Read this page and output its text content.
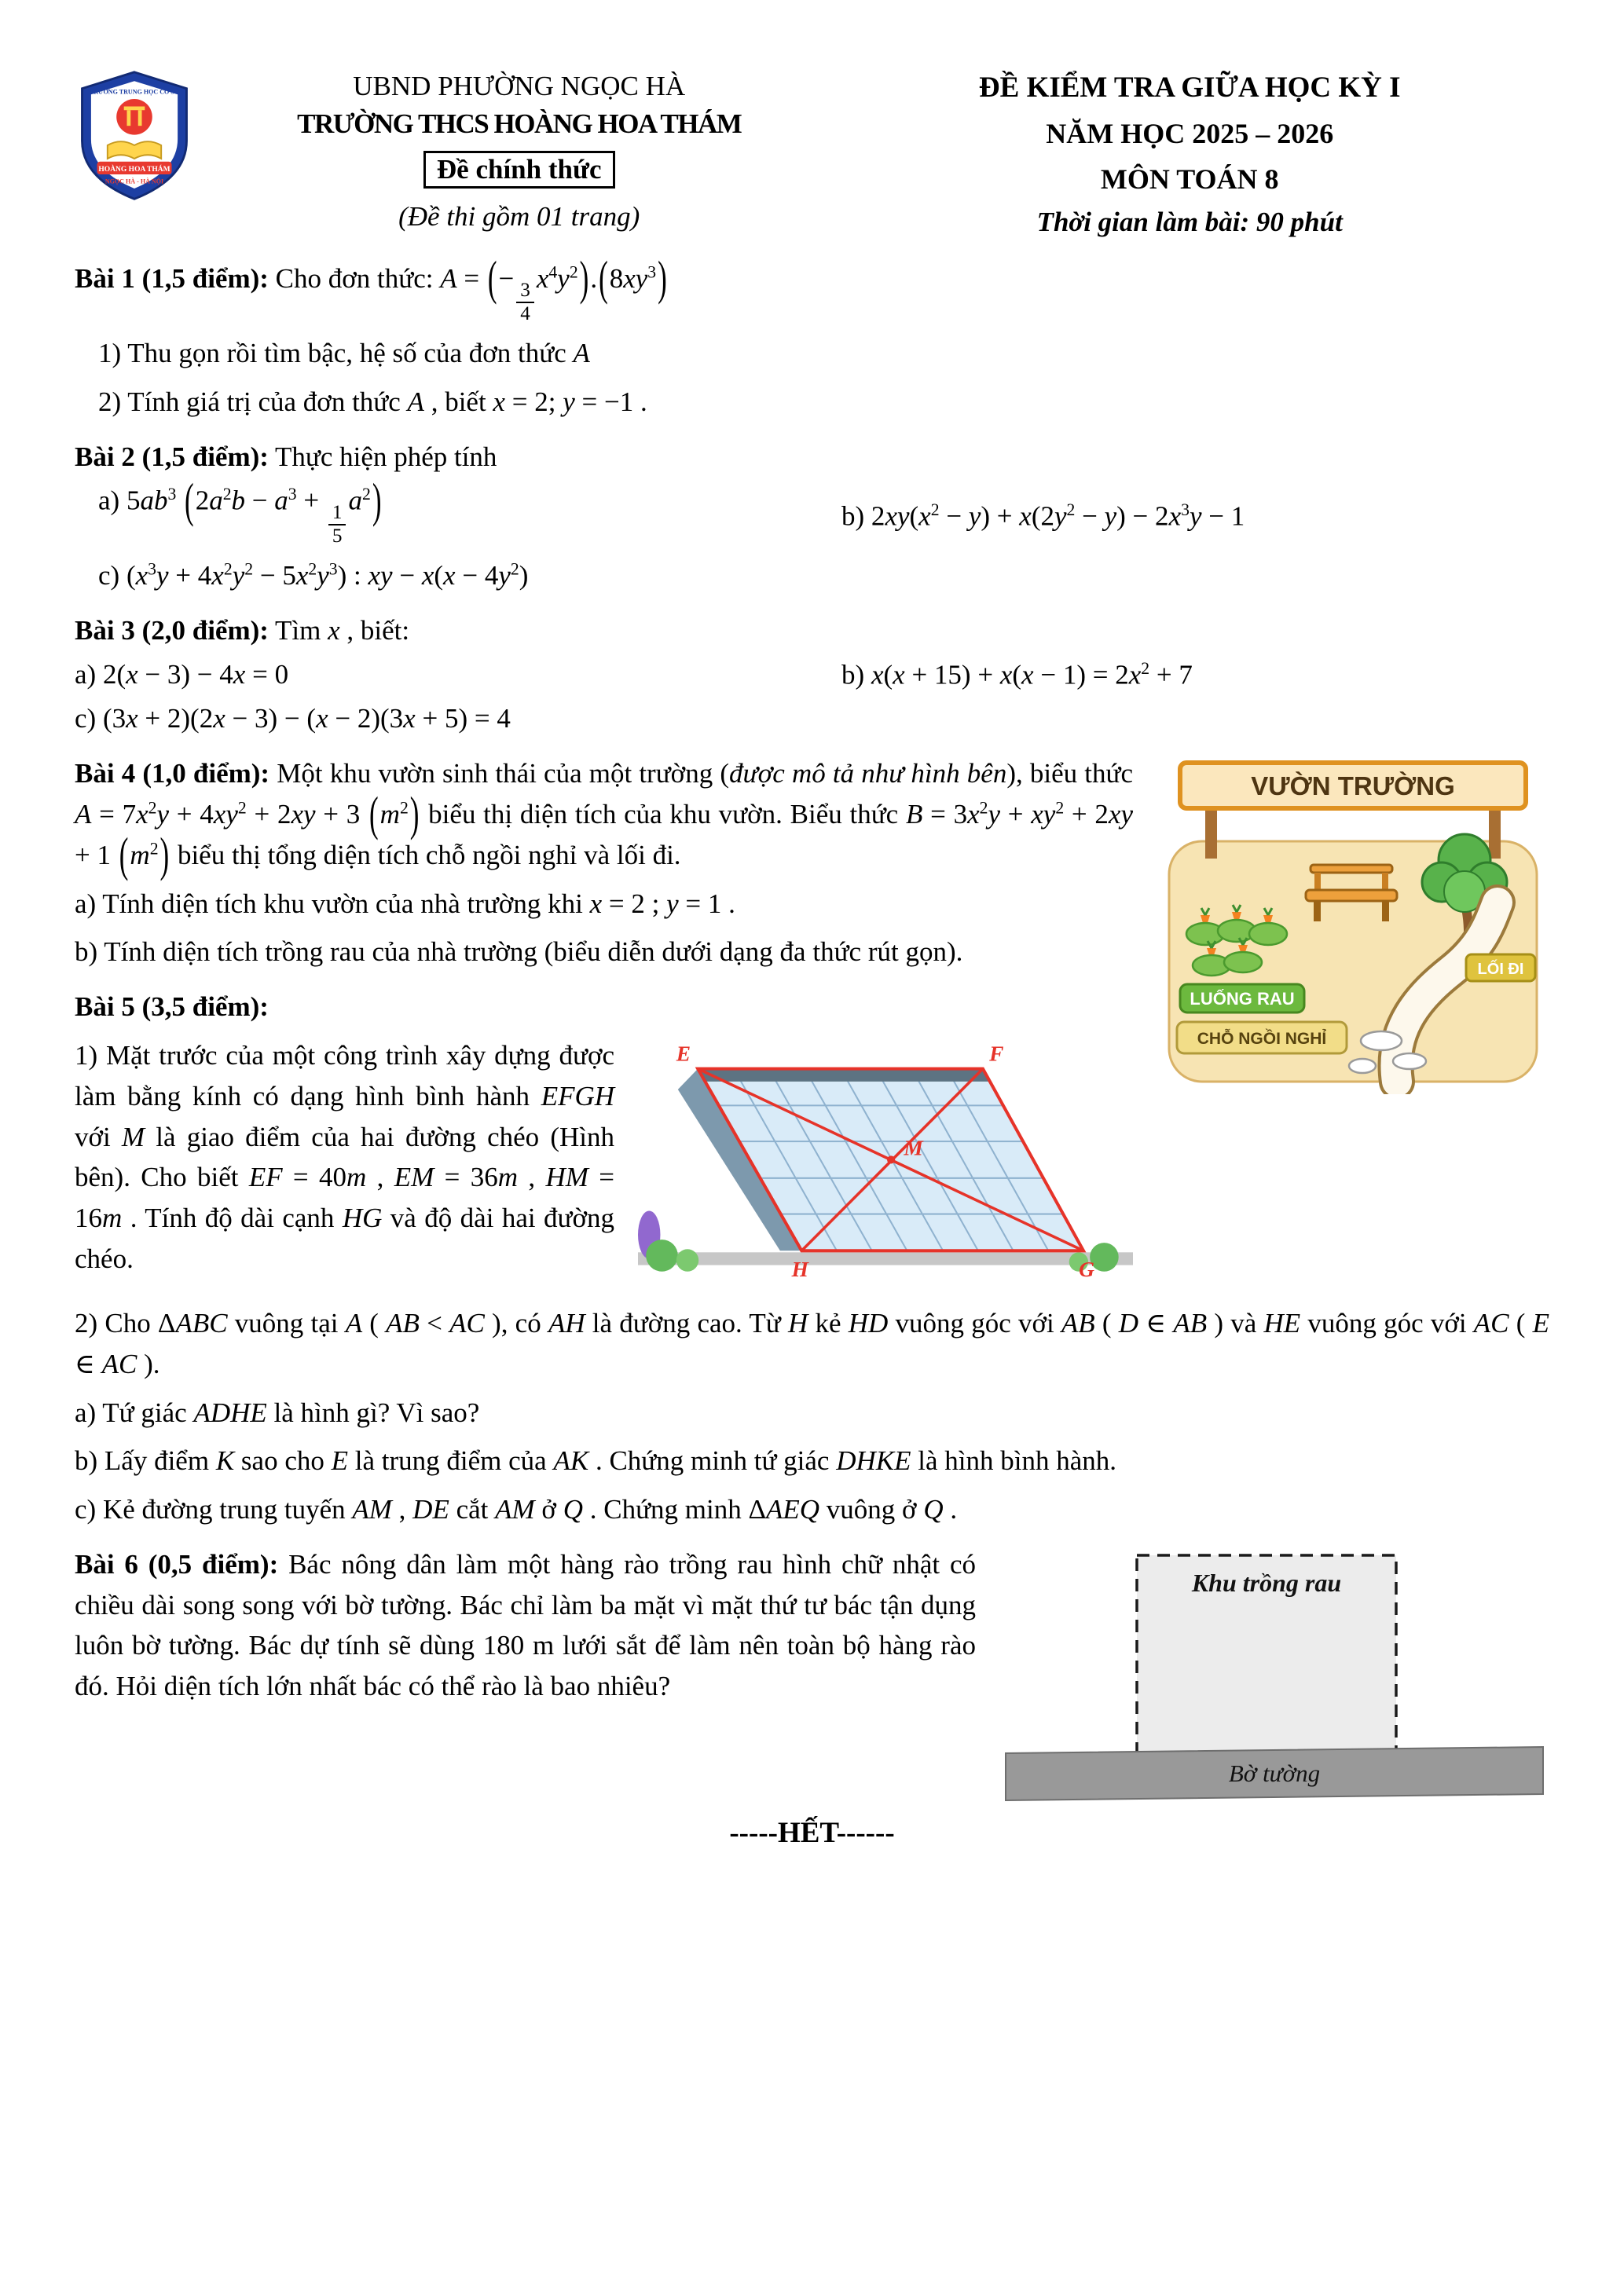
TRƯỜNG TRUNG HỌC CƠ SỞ
HOÀNG HOA THÁM
NGỌC HÀ - HÀ NỘI
UBND PHƯỜNG NGỌC HÀ
TRƯỜNG THCS HOÀNG HOA THÁM
Đề chính thức
(Đề thi gồm 01 trang)
ĐỀ KIỂM TRA GIỮA HỌC KỲ I
NĂM HỌC 2025 – 2026
MÔN TOÁN 8
Thời gian làm bài: 90 phút

Bài 1 (1,5 điểm): Cho đơn thức: A = (−
$\frac{3}{4}$
$x^4y^2).(8xy^3)$

1) Thu gọn rồi tìm bậc, hệ số của đơn thức A

2) Tính giá trị của đơn thức A , biết x = 2; y = −1 .

Bài 2 (1,5 điểm): Thực hiện phép tính

a) $5ab^3$ ($2a^2b - a^3$ +
$\frac{1}{5}$
$a^2$)	b) $2xy(x^2 - y) + x(2y^2 - y) - 2x^3y - 1$

c) $(x^3y + 4x^2y^2 - 5x^2y^3)$ : xy − $x(x - 4y^2)$

Bài 3 (2,0 điểm): Tìm x , biết:

a) 2(x − 3) − 4x = 0	b) $x(x + 15) + x(x - 1) = 2x^2 + 7$

c) (3x + 2)(2x − 3) − (x − 2)(3x + 5) = 4

VƯỜN TRƯỜNG
LUỐNG RAU
LỐI ĐI
CHỖ NGỒI NGHỈ

Bài 4 (1,0 điểm): Một khu vườn sinh thái của một trường (được mô tả như hình bên), biểu thức $A = 7x^2y + 4xy^2 + 2xy + 3$ $(m^2)$ biểu thị diện tích của khu vườn. Biểu thức $B = 3x^2y + xy^2 + 2xy + 1$ $(m^2)$ biểu thị tổng diện tích chỗ ngồi nghỉ và lối đi.

a) Tính diện tích khu vườn của nhà trường khi x = 2 ; y = 1 .

b) Tính diện tích trồng rau của nhà trường (biểu diễn dưới dạng đa thức rút gọn).

Bài 5 (3,5 điểm):

E	F
M
H	G

1) Mặt trước của một công trình xây dựng được làm bằng kính có dạng hình bình hành EFGH với M là giao điểm của hai đường chéo (Hình bên). Cho biết EF = 40m , EM = 36m , HM = 16m . Tính độ dài cạnh HG và độ dài hai đường chéo.

2) Cho ΔABC vuông tại A ( AB < AC ), có AH là đường cao. Từ H kẻ HD vuông góc với AB ( D ∈ AB ) và HE vuông góc với AC ( E ∈ AC ).

a) Tứ giác ADHE là hình gì? Vì sao?

b) Lấy điểm K sao cho E là trung điểm của AK . Chứng minh tứ giác DHKE là hình bình hành.

c) Kẻ đường trung tuyến AM , DE cắt AM ở Q . Chứng minh ΔAEQ vuông ở Q .

Khu trồng rau
Bờ tường

Bài 6 (0,5 điểm): Bác nông dân làm một hàng rào trồng rau hình chữ nhật có chiều dài song song với bờ tường. Bác chỉ làm ba mặt vì mặt thứ tư bác tận dụng luôn bờ tường. Bác dự tính sẽ dùng 180 m lưới sắt để làm nên toàn bộ hàng rào đó. Hỏi diện tích lớn nhất bác có thể rào là bao nhiêu?

-----HẾT------
